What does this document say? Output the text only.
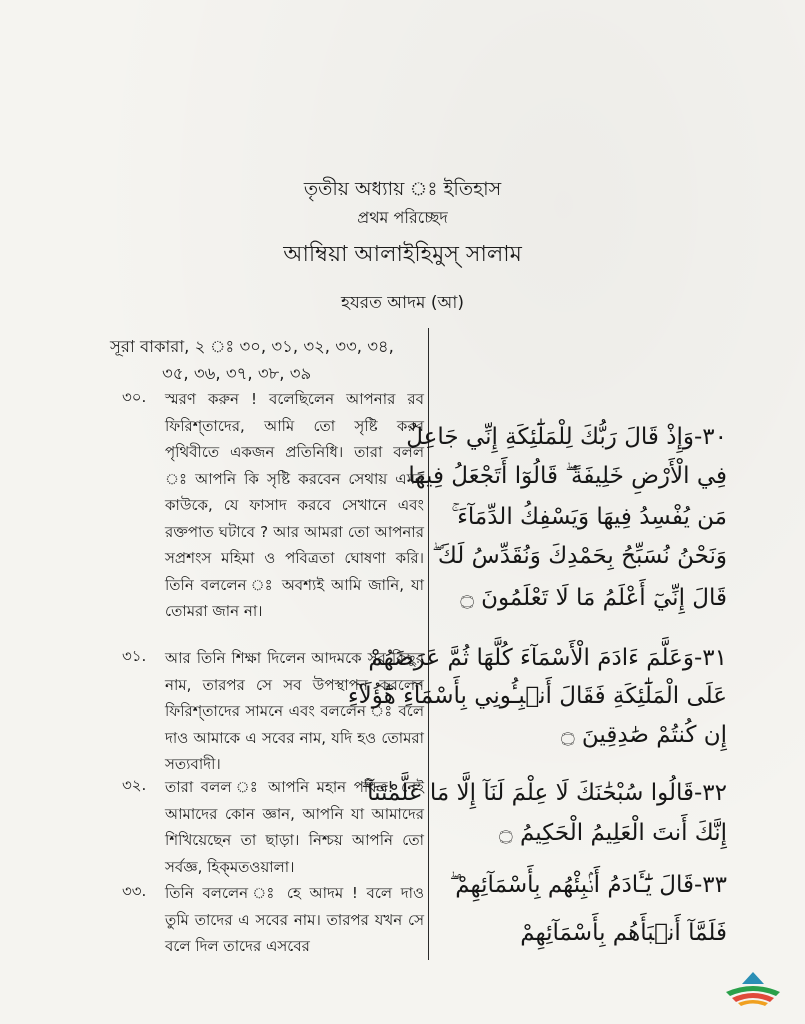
তৃতীয় অধ্যায় ঃ ইতিহাস
প্রথম পরিচ্ছেদ
আম্বিয়া আলাইহিমুস্ সালাম
হযরত আদম (আ)
সূরা বাকারা, ২ ঃ ৩০, ৩১, ৩২, ৩৩, ৩৪,
৩৫, ৩৬, ৩৭, ৩৮, ৩৯
৩০. স্মরণ করুন ! বলেছিলেন আপনার রব ফিরিশ্‌তাদের, আমি তো সৃষ্টি করব পৃথিবীতে একজন প্রতিনিধি। তারা বলল ঃ আপনি কি সৃষ্টি করবেন সেথায় এমন কাউকে, যে ফাসাদ করবে সেখানে এবং রক্তপাত ঘটাবে ? আর আমরা তো আপনার সপ্রশংস মহিমা ও পবিত্রতা ঘোষণা করি। তিনি বললেন ঃ অবশ্যই আমি জানি, যা তোমরা জান না।
৩১. আর তিনি শিক্ষা দিলেন আদমকে সব কিছুর নাম, তারপর সে সব উপস্থাপন করলেন ফিরিশ্‌তাদের সামনে এবং বললেন ঃ বলে দাও আমাকে এ সবের নাম, যদি হও তোমরা সত্যবাদী।
৩২. তারা বলল ঃ আপনি মহান পবিত্র! নেই আমাদের কোন জ্ঞান, আপনি যা আমাদের শিখিয়েছেন তা ছাড়া। নিশ্চয় আপনি তো সর্বজ্ঞ, হিক্‌মতওয়ালা।
৩৩. তিনি বললেন ঃ হে আদম ! বলে দাও তুমি তাদের এ সবের নাম। তারপর যখন সে বলে দিল তাদের এসবের
٣٠-وَإِذْ قَالَ رَبُّكَ لِلْمَلَٰٓئِكَةِ إِنِّي جَاعِلٌ
فِي الْأَرْضِ خَلِيفَةً ۖ قَالُوٓا أَتَجْعَلُ فِيهَا
مَن يُفْسِدُ فِيهَا وَيَسْفِكُ الدِّمَآءَ ۚ
وَنَحْنُ نُسَبِّحُ بِحَمْدِكَ وَنُقَدِّسُ لَكَ ۖ
قَالَ إِنِّيٓ أَعْلَمُ مَا لَا تَعْلَمُونَ ۝
٣١-وَعَلَّمَ ءَادَمَ الْأَسْمَآءَ كُلَّهَا ثُمَّ عَرَضَهُمْ
عَلَى الْمَلَٰٓئِكَةِ فَقَالَ أَنۢبِـُٔونِي بِأَسْمَآءِ هَٰٓؤُلَآءِ
إِن كُنتُمْ صَٰدِقِينَ ۝
٣٢-قَالُوا سُبْحَٰنَكَ لَا عِلْمَ لَنَآ إِلَّا مَا عَلَّمْتَنَآ ۖ
إِنَّكَ أَنتَ الْعَلِيمُ الْحَكِيمُ ۝
٣٣-قَالَ يَٰٓـَٔادَمُ أَنۢبِئْهُم بِأَسْمَآئِهِمْ ۖ
فَلَمَّآ أَنۢبَأَهُم بِأَسْمَآئِهِمْ
